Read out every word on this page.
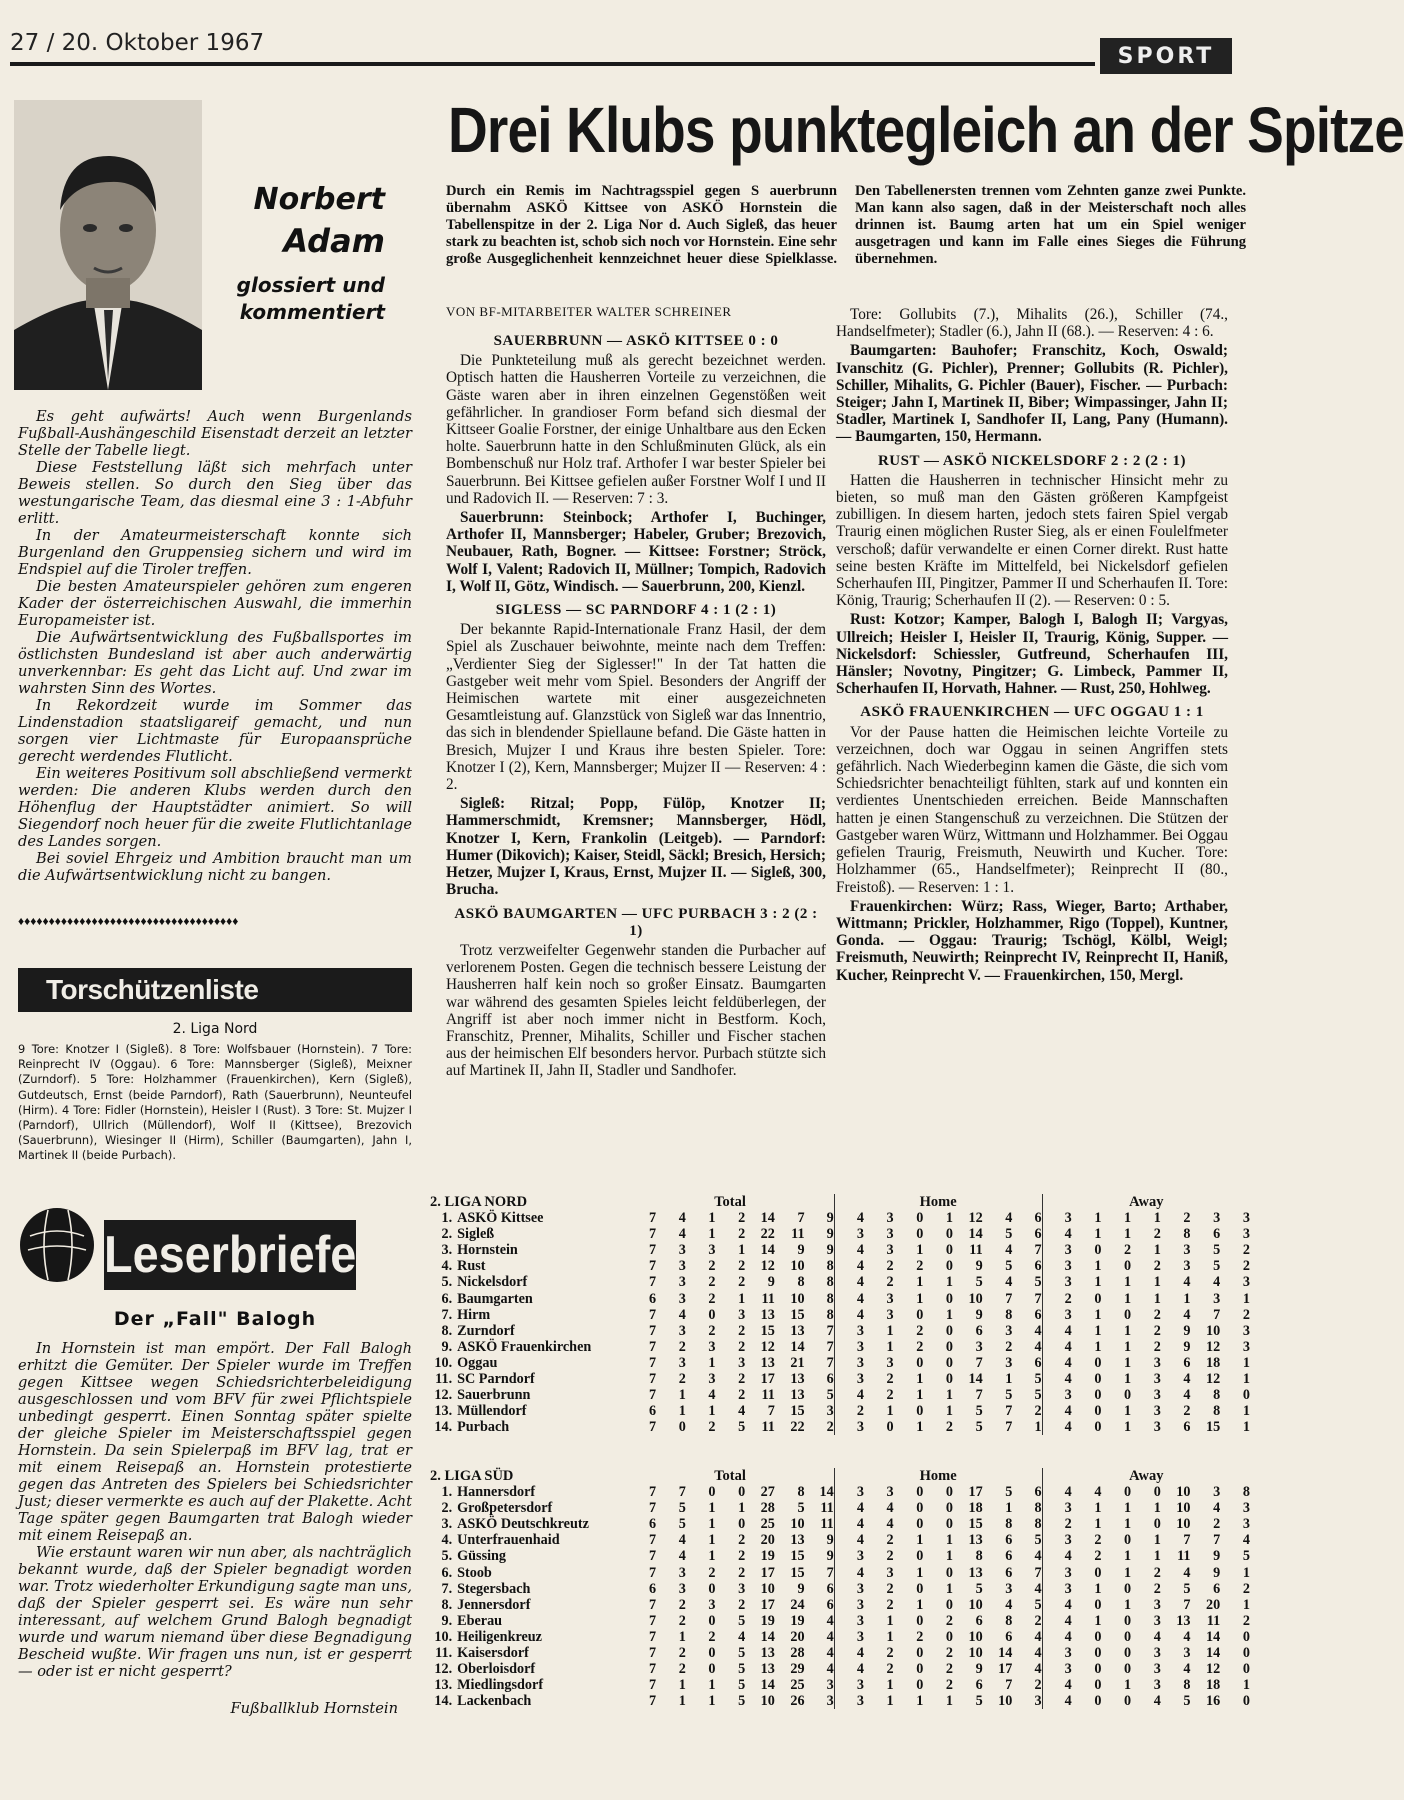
27 / 20. Oktober 1967	SPORT
Drei Klubs punktegleich an der Spitze
Norbert
Adam
glossiert und
kommentiert

Es geht aufwärts! Auch wenn Burgenlands Fußball-Aushängeschild Eisenstadt derzeit an letzter Stelle der Tabelle liegt.

Diese Feststellung läßt sich mehrfach unter Beweis stellen. So durch den Sieg über das westungarische Team, das diesmal eine 3 : 1-Abfuhr erlitt.

In der Amateurmeisterschaft konnte sich Burgenland den Gruppensieg sichern und wird im Endspiel auf die Tiroler treffen.

Die besten Amateurspieler gehören zum engeren Kader der österreichischen Auswahl, die immerhin Europameister ist.

Die Aufwärtsentwicklung des Fußballsportes im östlichsten Bundesland ist aber auch anderwärtig unverkennbar: Es geht das Licht auf. Und zwar im wahrsten Sinn des Wortes.

In Rekordzeit wurde im Sommer das Lindenstadion staatsligareif gemacht, und nun sorgen vier Lichtmaste für Europaansprüche gerecht werdendes Flutlicht.

Ein weiteres Positivum soll abschließend vermerkt werden: Die anderen Klubs werden durch den Höhenflug der Hauptstädter animiert. So will Siegendorf noch heuer für die zweite Flutlichtanlage des Landes sorgen.

Bei soviel Ehrgeiz und Ambition braucht man um die Aufwärtsentwicklung nicht zu bangen.

♦♦♦♦♦♦♦♦♦♦♦♦♦♦♦♦♦♦♦♦♦♦♦♦♦♦♦♦♦♦♦♦♦♦♦♦
Torschützenliste
2. Liga Nord
9 Tore: Knotzer I (Sigleß). 8 Tore: Wolfsbauer (Hornstein). 7 Tore: Reinprecht IV (Oggau). 6 Tore: Mannsberger (Sigleß), Meixner (Zurndorf). 5 Tore: Holzhammer (Frauenkirchen), Kern (Sigleß), Gutdeutsch, Ernst (beide Parndorf), Rath (Sauerbrunn), Neunteufel (Hirm). 4 Tore: Fidler (Hornstein), Heisler I (Rust). 3 Tore: St. Mujzer I (Parndorf), Ullrich (Müllendorf), Wolf II (Kittsee), Brezovich (Sauerbrunn), Wiesinger II (Hirm), Schiller (Baumgarten), Jahn I, Martinek II (beide Purbach).
Leserbriefe
Der „Fall" Balogh

In Hornstein ist man empört. Der Fall Balogh erhitzt die Gemüter. Der Spieler wurde im Treffen gegen Kittsee wegen Schiedsrichterbeleidigung ausgeschlossen und vom BFV für zwei Pflichtspiele unbedingt gesperrt. Einen Sonntag später spielte der gleiche Spieler im Meisterschaftsspiel gegen Hornstein. Da sein Spielerpaß im BFV lag, trat er mit einem Reisepaß an. Hornstein protestierte gegen das Antreten des Spielers bei Schiedsrichter Just; dieser vermerkte es auch auf der Plakette. Acht Tage später gegen Baumgarten trat Balogh wieder mit einem Reisepaß an.

Wie erstaunt waren wir nun aber, als nachträglich bekannt wurde, daß der Spieler begnadigt worden war. Trotz wiederholter Erkundigung sagte man uns, daß der Spieler gesperrt sei. Es wäre nun sehr interessant, auf welchem Grund Balogh begnadigt wurde und warum niemand über diese Begnadigung Bescheid wußte. Wir fragen uns nun, ist er gesperrt — oder ist er nicht gesperrt?

Fußballklub Hornstein
Durch ein Remis im Nachtragsspiel gegen S auerbrunn übernahm ASKÖ Kittsee von ASKÖ Hornstein die Tabellenspitze in der 2. Liga Nor d. Auch Sigleß, das heuer stark zu beachten ist, schob sich noch vor Hornstein. Eine sehr große Ausgeglichenheit kennzeichnet heuer diese Spielklasse. Den Tabellenersten trennen vom Zehnten ganze zwei Punkte. Man kann also sagen, daß in der Meisterschaft noch alles drinnen ist. Baumg arten hat um ein Spiel weniger ausgetragen und kann im Falle eines Sieges die Führung übernehmen.
VON BF-MITARBEITER WALTER SCHREINER
SAUERBRUNN — ASKÖ KITTSEE 0 : 0
Die Punkteteilung muß als gerecht bezeichnet werden. Optisch hatten die Hausherren Vorteile zu verzeichnen, die Gäste waren aber in ihren einzelnen Gegenstößen weit gefährlicher. In grandioser Form befand sich diesmal der Kittseer Goalie Forstner, der einige Unhaltbare aus den Ecken holte. Sauerbrunn hatte in den Schlußminuten Glück, als ein Bombenschuß nur Holz traf. Arthofer I war bester Spieler bei Sauerbrunn. Bei Kittsee gefielen außer Forstner Wolf I und II und Radovich II. — Reserven: 7 : 3.
Sauerbrunn: Steinbock; Arthofer I, Buchinger, Arthofer II, Mannsberger; Habeler, Gruber; Brezovich, Neubauer, Rath, Bogner. — Kittsee: Forstner; Ströck, Wolf I, Valent; Radovich II, Müllner; Tompich, Radovich I, Wolf II, Götz, Windisch. — Sauerbrunn, 200, Kienzl.
SIGLESS — SC PARNDORF 4 : 1 (2 : 1)
Der bekannte Rapid-Internationale Franz Hasil, der dem Spiel als Zuschauer beiwohnte, meinte nach dem Treffen: „Verdienter Sieg der Siglesser!" In der Tat hatten die Gastgeber weit mehr vom Spiel. Besonders der Angriff der Heimischen wartete mit einer ausgezeichneten Gesamtleistung auf. Glanzstück von Sigleß war das Innentrio, das sich in blendender Spiellaune befand. Die Gäste hatten in Bresich, Mujzer I und Kraus ihre besten Spieler. Tore: Knotzer I (2), Kern, Mannsberger; Mujzer II — Reserven: 4 : 2.
Sigleß: Ritzal; Popp, Fülöp, Knotzer II; Hammerschmidt, Kremsner; Mannsberger, Hödl, Knotzer I, Kern, Frankolin (Leitgeb). — Parndorf: Humer (Dikovich); Kaiser, Steidl, Säckl; Bresich, Hersich; Hetzer, Mujzer I, Kraus, Ernst, Mujzer II. — Sigleß, 300, Brucha.
ASKÖ BAUMGARTEN — UFC PURBACH 3 : 2 (2 : 1)
Trotz verzweifelter Gegenwehr standen die Purbacher auf verlorenem Posten. Gegen die technisch bessere Leistung der Hausherren half kein noch so großer Einsatz. Baumgarten war während des gesamten Spieles leicht feldüberlegen, der Angriff ist aber noch immer nicht in Bestform. Koch, Franschitz, Prenner, Mihalits, Schiller und Fischer stachen aus der heimischen Elf besonders hervor. Purbach stützte sich auf Martinek II, Jahn II, Stadler und Sandhofer.
Tore: Gollubits (7.), Mihalits (26.), Schiller (74., Handselfmeter); Stadler (6.), Jahn II (68.). — Reserven: 4 : 6.
Baumgarten: Bauhofer; Franschitz, Koch, Oswald; Ivanschitz (G. Pichler), Prenner; Gollubits (R. Pichler), Schiller, Mihalits, G. Pichler (Bauer), Fischer. — Purbach: Steiger; Jahn I, Martinek II, Biber; Wimpassinger, Jahn II; Stadler, Martinek I, Sandhofer II, Lang, Pany (Humann). — Baumgarten, 150, Hermann.
RUST — ASKÖ NICKELSDORF 2 : 2 (2 : 1)
Hatten die Hausherren in technischer Hinsicht mehr zu bieten, so muß man den Gästen größeren Kampfgeist zubilligen. In diesem harten, jedoch stets fairen Spiel vergab Traurig einen möglichen Ruster Sieg, als er einen Foulelfmeter verschoß; dafür verwandelte er einen Corner direkt. Rust hatte seine besten Kräfte im Mittelfeld, bei Nickelsdorf gefielen Scherhaufen III, Pingitzer, Pammer II und Scherhaufen II. Tore: König, Traurig; Scherhaufen II (2). — Reserven: 0 : 5.
Rust: Kotzor; Kamper, Balogh I, Balogh II; Vargyas, Ullreich; Heisler I, Heisler II, Traurig, König, Supper. — Nickelsdorf: Schiessler, Gutfreund, Scherhaufen III, Hänsler; Novotny, Pingitzer; G. Limbeck, Pammer II, Scherhaufen II, Horvath, Hahner. — Rust, 250, Hohlweg.
ASKÖ FRAUENKIRCHEN — UFC OGGAU 1 : 1
Vor der Pause hatten die Heimischen leichte Vorteile zu verzeichnen, doch war Oggau in seinen Angriffen stets gefährlich. Nach Wiederbeginn kamen die Gäste, die sich vom Schiedsrichter benachteiligt fühlten, stark auf und konnten ein verdientes Unentschieden erreichen. Beide Mannschaften hatten je einen Stangenschuß zu verzeichnen. Die Stützen der Gastgeber waren Würz, Wittmann und Holzhammer. Bei Oggau gefielen Traurig, Freismuth, Neuwirth und Kucher. Tore: Holzhammer (65., Handselfmeter); Reinprecht II (80., Freistoß). — Reserven: 1 : 1.
Frauenkirchen: Würz; Rass, Wieger, Barto; Arthaber, Wittmann; Prickler, Holzhammer, Rigo (Toppel), Kuntner, Gonda. — Oggau: Traurig; Tschögl, Kölbl, Weigl; Freismuth, Neuwirth; Reinprecht IV, Reinprecht II, Haniß, Kucher, Reinprecht V. — Frauenkirchen, 150, Mergl.
2. LIGA NORD		Total							Home							Away						
1.	ASKÖ Kittsee	7	4	1	2	14	7	9	4	3	0	1	12	4	6	3	1	1	1	2	3	3
2.	Sigleß	7	4	1	2	22	11	9	3	3	0	0	14	5	6	4	1	1	2	8	6	3
3.	Hornstein	7	3	3	1	14	9	9	4	3	1	0	11	4	7	3	0	2	1	3	5	2
4.	Rust	7	3	2	2	12	10	8	4	2	2	0	9	5	6	3	1	0	2	3	5	2
5.	Nickelsdorf	7	3	2	2	9	8	8	4	2	1	1	5	4	5	3	1	1	1	4	4	3
6.	Baumgarten	6	3	2	1	11	10	8	4	3	1	0	10	7	7	2	0	1	1	1	3	1
7.	Hirm	7	4	0	3	13	15	8	4	3	0	1	9	8	6	3	1	0	2	4	7	2
8.	Zurndorf	7	3	2	2	15	13	7	3	1	2	0	6	3	4	4	1	1	2	9	10	3
9.	ASKÖ Frauenkirchen	7	2	3	2	12	14	7	3	1	2	0	3	2	4	4	1	1	2	9	12	3
10.	Oggau	7	3	1	3	13	21	7	3	3	0	0	7	3	6	4	0	1	3	6	18	1
11.	SC Parndorf	7	2	3	2	17	13	6	3	2	1	0	14	1	5	4	0	1	3	4	12	1
12.	Sauerbrunn	7	1	4	2	11	13	5	4	2	1	1	7	5	5	3	0	0	3	4	8	0
13.	Müllendorf	6	1	1	4	7	15	3	2	1	0	1	5	7	2	4	0	1	3	2	8	1
14.	Purbach	7	0	2	5	11	22	2	3	0	1	2	5	7	1	4	0	1	3	6	15	1
2. LIGA SÜD		Total							Home							Away						
1.	Hannersdorf	7	7	0	0	27	8	14	3	3	0	0	17	5	6	4	4	0	0	10	3	8
2.	Großpetersdorf	7	5	1	1	28	5	11	4	4	0	0	18	1	8	3	1	1	1	10	4	3
3.	ASKÖ Deutschkreutz	6	5	1	0	25	10	11	4	4	0	0	15	8	8	2	1	1	0	10	2	3
4.	Unterfrauenhaid	7	4	1	2	20	13	9	4	2	1	1	13	6	5	3	2	0	1	7	7	4
5.	Güssing	7	4	1	2	19	15	9	3	2	0	1	8	6	4	4	2	1	1	11	9	5
6.	Stoob	7	3	2	2	17	15	7	4	3	1	0	13	6	7	3	0	1	2	4	9	1
7.	Stegersbach	6	3	0	3	10	9	6	3	2	0	1	5	3	4	3	1	0	2	5	6	2
8.	Jennersdorf	7	2	3	2	17	24	6	3	2	1	0	10	4	5	4	0	1	3	7	20	1
9.	Eberau	7	2	0	5	19	19	4	3	1	0	2	6	8	2	4	1	0	3	13	11	2
10.	Heiligenkreuz	7	1	2	4	14	20	4	3	1	2	0	10	6	4	4	0	0	4	4	14	0
11.	Kaisersdorf	7	2	0	5	13	28	4	4	2	0	2	10	14	4	3	0	0	3	3	14	0
12.	Oberloisdorf	7	2	0	5	13	29	4	4	2	0	2	9	17	4	3	0	0	3	4	12	0
13.	Miedlingsdorf	7	1	1	5	14	25	3	3	1	0	2	6	7	2	4	0	1	3	8	18	1
14.	Lackenbach	7	1	1	5	10	26	3	3	1	1	1	5	10	3	4	0	0	4	5	16	0
